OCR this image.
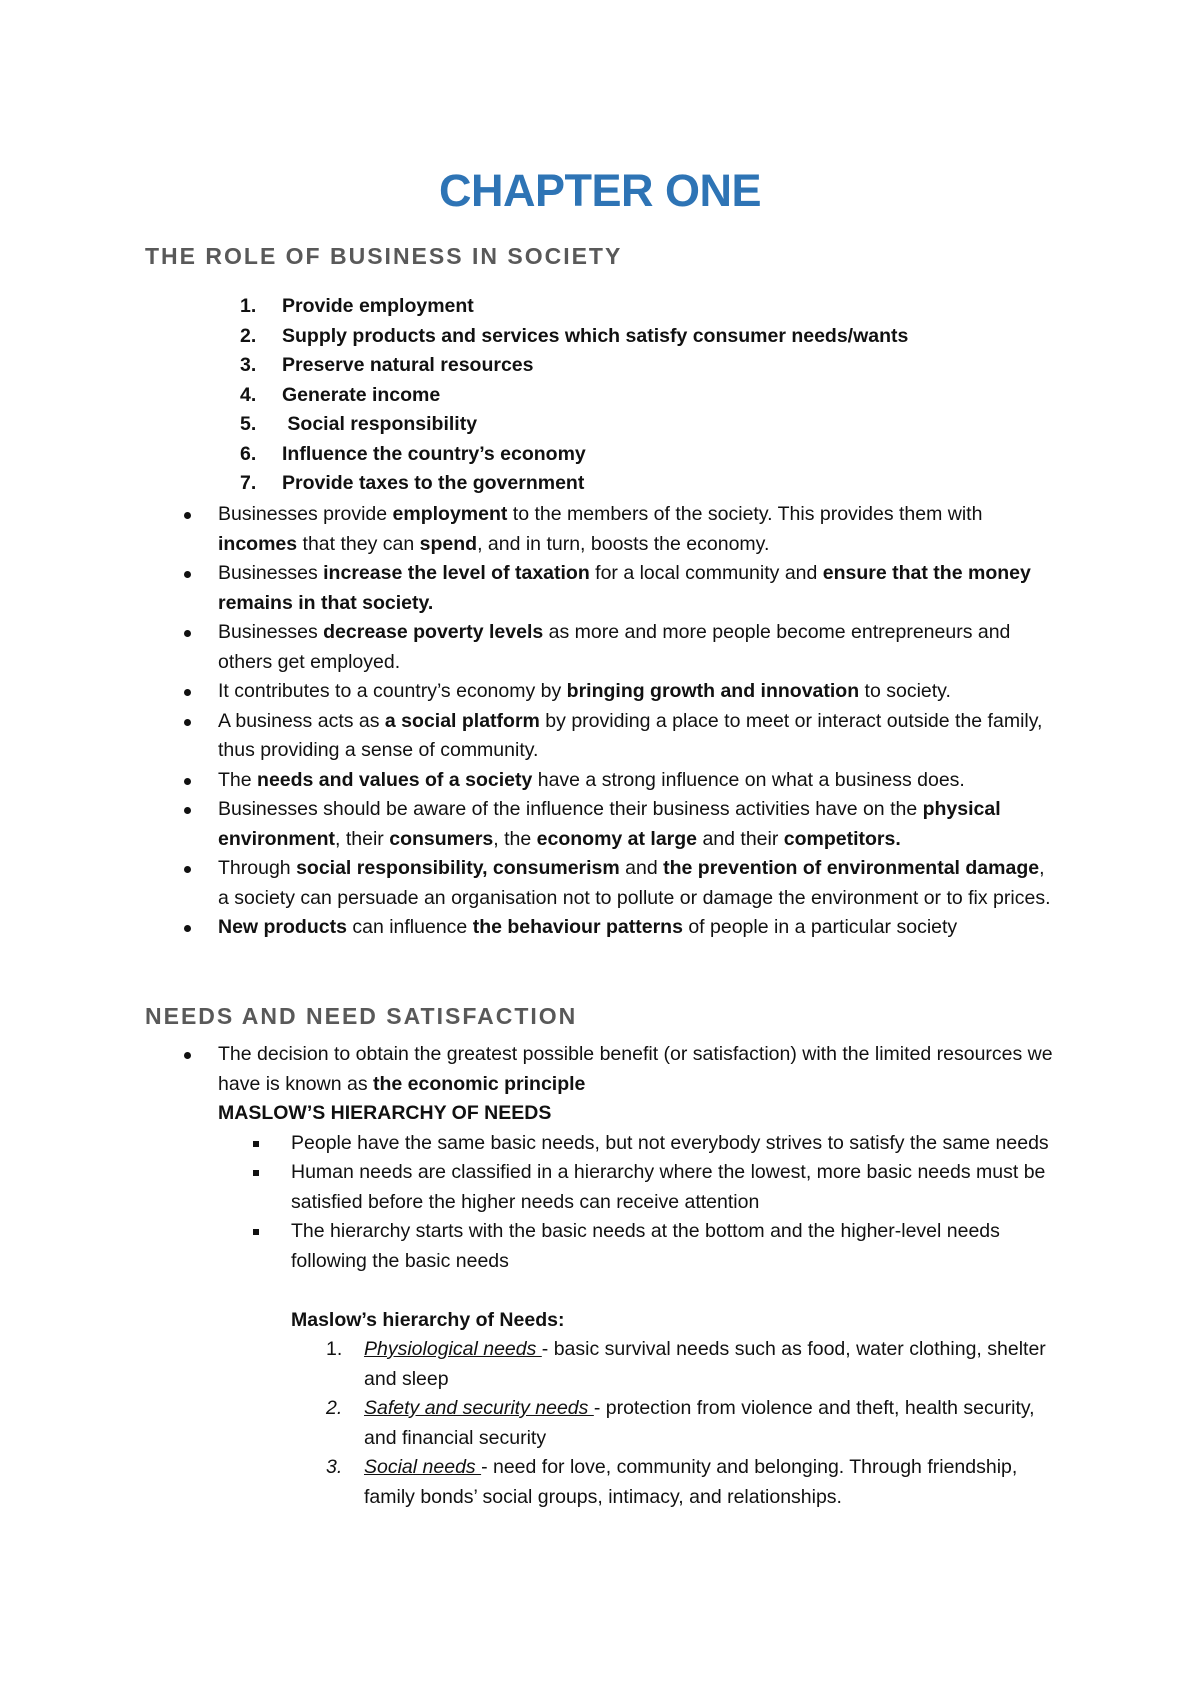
CHAPTER ONE
THE ROLE OF BUSINESS IN SOCIETY
1. Provide employment
2. Supply products and services which satisfy consumer needs/wants
3. Preserve natural resources
4. Generate income
5. Social responsibility
6. Influence the country’s economy
7. Provide taxes to the government
Businesses provide employment to the members of the society. This provides them with incomes that they can spend, and in turn, boosts the economy.
Businesses increase the level of taxation for a local community and ensure that the money remains in that society.
Businesses decrease poverty levels as more and more people become entrepreneurs and others get employed.
It contributes to a country’s economy by bringing growth and innovation to society.
A business acts as a social platform by providing a place to meet or interact outside the family, thus providing a sense of community.
The needs and values of a society have a strong influence on what a business does.
Businesses should be aware of the influence their business activities have on the physical environment, their consumers, the economy at large and their competitors.
Through social responsibility, consumerism and the prevention of environmental damage, a society can persuade an organisation not to pollute or damage the environment or to fix prices.
New products can influence the behaviour patterns of people in a particular society
NEEDS AND NEED SATISFACTION
The decision to obtain the greatest possible benefit (or satisfaction) with the limited resources we have is known as the economic principle
MASLOW’S HIERARCHY OF NEEDS
People have the same basic needs, but not everybody strives to satisfy the same needs
Human needs are classified in a hierarchy where the lowest, more basic needs must be satisfied before the higher needs can receive attention
The hierarchy starts with the basic needs at the bottom and the higher-level needs following the basic needs
Maslow’s hierarchy of Needs:
1. Physiological needs - basic survival needs such as food, water clothing, shelter and sleep
2. Safety and security needs - protection from violence and theft, health security, and financial security
3. Social needs - need for love, community and belonging. Through friendship, family bonds’ social groups, intimacy, and relationships.
